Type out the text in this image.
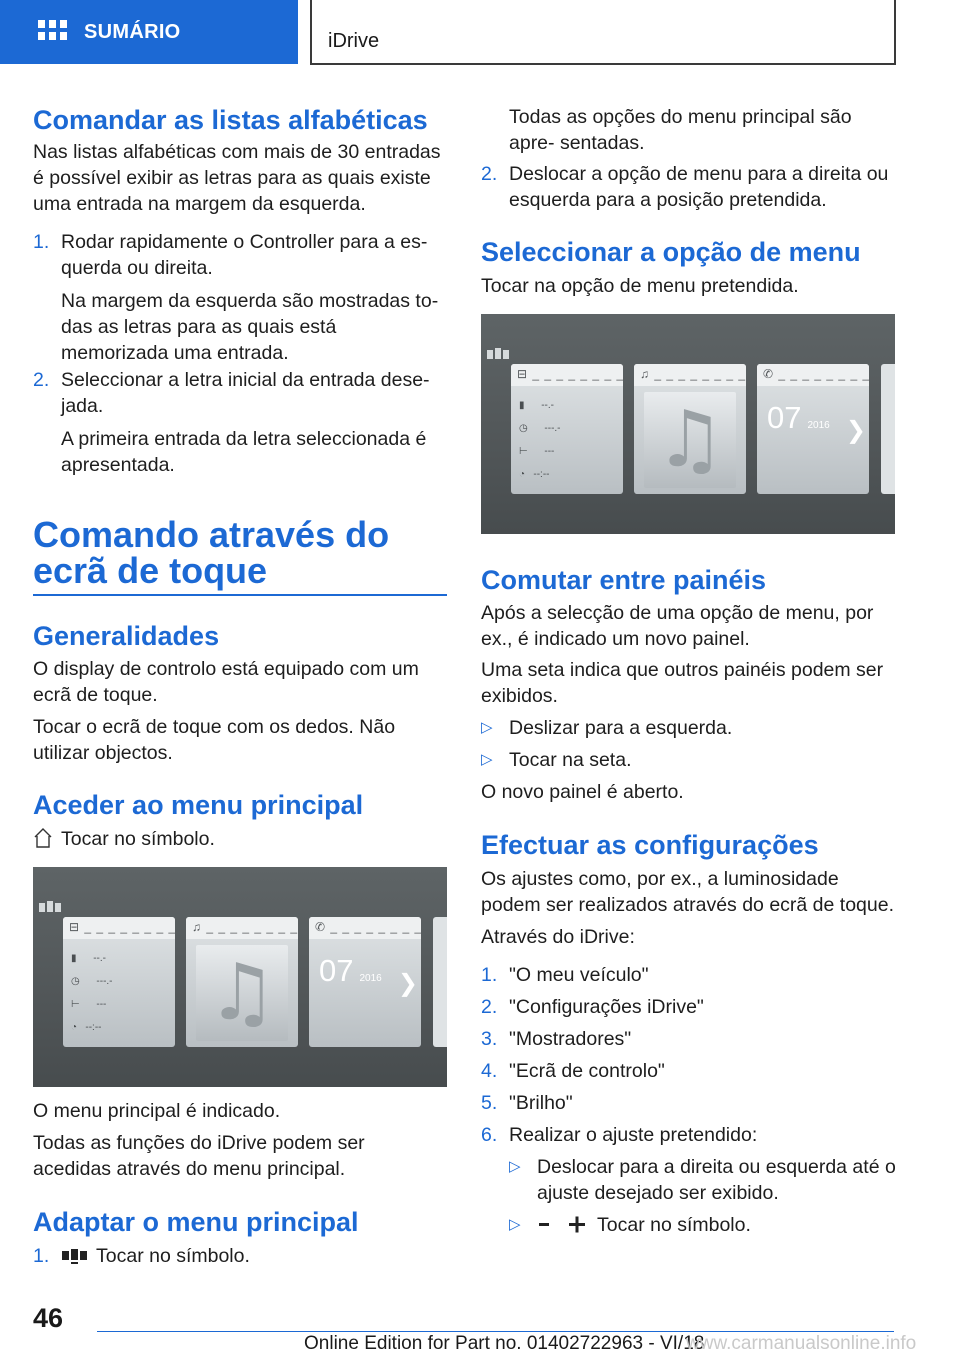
SUMÁRIO	iDrive
Comandar as listas alfabéticas

Nas listas alfabéticas com mais de 30 entradas é possível exibir as letras para as quais existe uma entrada na margem da esquerda.

1. Rodar rapidamente o Controller para a es‐ querda ou direita.

Na margem da esquerda são mostradas to‐ das as letras para as quais está memorizada uma entrada.

2. Seleccionar a letra inicial da entrada dese‐ jada.

A primeira entrada da letra seleccionada é apresentada.

Comando através do ecrã de toque
Generalidades

O display de controlo está equipado com um ecrã de toque.

Tocar o ecrã de toque com os dedos. Não utilizar objectos.

Aceder ao menu principal

Tocar no símbolo.

⊟ _ _ _ _ _ _ _ _
▮      --.-
◷      ---.-
⊢      ---
◔   --:--
♫ _ _ _ _ _ _ _ _
♫
✆ _ _ _ _ _ _ _ _
07 2016 ❯

O menu principal é indicado.

Todas as funções do iDrive podem ser acedidas através do menu principal.

Adaptar o menu principal
1. Tocar no símbolo.

Todas as opções do menu principal são apre‐ sentadas.

2. Deslocar a opção de menu para a direita ou esquerda para a posição pretendida.
Seleccionar a opção de menu

Tocar na opção de menu pretendida.

⊟ _ _ _ _ _ _ _ _
▮      --.-
◷      ---.-
⊢      ---
◔   --:--
♫ _ _ _ _ _ _ _ _
♫
✆ _ _ _ _ _ _ _ _
07 2016 ❯
Comutar entre painéis

Após a selecção de uma opção de menu, por ex., é indicado um novo painel.

Uma seta indica que outros painéis podem ser exibidos.

▷ Deslizar para a esquerda.
▷ Tocar na seta.

O novo painel é aberto.

Efectuar as configurações

Os ajustes como, por ex., a luminosidade podem ser realizados através do ecrã de toque.

Através do iDrive:

1. "O meu veículo"
2. "Configurações iDrive"
3. "Mostradores"
4. "Ecrã de controlo"
5. "Brilho"
6. Realizar o ajuste pretendido:
▷ Deslocar para a direita ou esquerda até o ajuste desejado ser exibido.
▷	Tocar no símbolo.

46
Online Edition for Part no. 01402722963 - VI/18
www.carmanualsonline.info
